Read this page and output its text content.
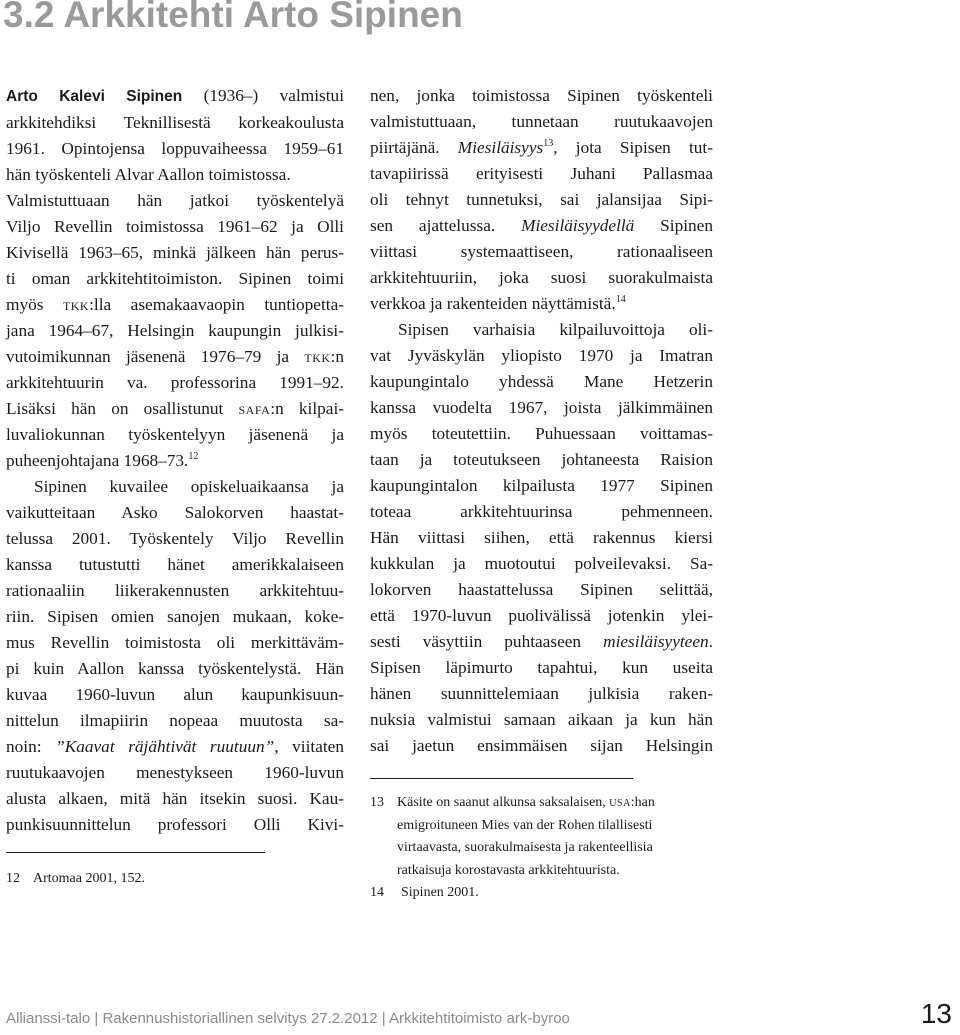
3.2 Arkkitehti Arto Sipinen

Arto Kalevi Sipinen (1936–) valmistui
arkkitehdiksi Teknillisestä korkeakoulusta
1961. Opintojensa loppuvaiheessa 1959–61
hän työskenteli Alvar Aallon toimistossa.
Valmistuttuaan hän jatkoi työskentelyä
Viljo Revellin toimistossa 1961–62 ja Olli
Kivisellä 1963–65, minkä jälkeen hän perus-
ti oman arkkitehtitoimiston. Sipinen toimi
myös tkk:lla asemakaavaopin tuntiopetta-
jana 1964–67, Helsingin kaupungin julkisi-
vutoimikunnan jäsenenä 1976–79 ja tkk:n
arkkitehtuurin va. professorina 1991–92.
Lisäksi hän on osallistunut safa:n kilpai-
luvaliokunnan työskentelyyn jäsenenä ja
puheenjohtajana 1968–73.12

Sipinen kuvailee opiskeluaikaansa ja
vaikutteitaan Asko Salokorven haastat-
telussa 2001. Työskentely Viljo Revellin
kanssa tutustutti hänet amerikkalaiseen
rationaaliin liikerakennusten arkkitehtuu-
riin. Sipisen omien sanojen mukaan, koke-
mus Revellin toimistosta oli merkittäväm-
pi kuin Aallon kanssa työskentelystä. Hän
kuvaa 1960-luvun alun kaupunkisuun-
nittelun ilmapiirin nopeaa muutosta sa-
noin: ”Kaavat räjähtivät ruutuun”, viitaten
ruutukaavojen menestykseen 1960-luvun
alusta alkaen, mitä hän itsekin suosi. Kau-
punkisuunnittelun professori Olli Kivi-

12 Artomaa 2001, 152.

nen, jonka toimistossa Sipinen työskenteli
valmistuttuaan, tunnetaan ruutukaavojen
piirtäjänä. Miesiläisyys$^{13}$, jota Sipisen tut-
tavapiirissä erityisesti Juhani Pallasmaa
oli tehnyt tunnetuksi, sai jalansijaa Sipi-
sen ajattelussa. Miesiläisyydellä Sipinen
viittasi systemaattiseen, rationaaliseen
arkkitehtuuriin, joka suosi suorakulmaista
verkkoa ja rakenteiden näyttämistä.$^{14}$

Sipisen varhaisia kilpailuvoittoja oli-
vat Jyväskylän yliopisto 1970 ja Imatran
kaupungintalo yhdessä Mane Hetzerin
kanssa vuodelta 1967, joista jälkimmäinen
myös toteutettiin. Puhuessaan voittamas-
taan ja toteutukseen johtaneesta Raision
kaupungintalon kilpailusta 1977 Sipinen
toteaa arkkitehtuurinsa pehmenneen.
Hän viittasi siihen, että rakennus kiersi
kukkulan ja muotoutui polveilevaksi. Sa-
lokorven haastattelussa Sipinen selittää,
että 1970-luvun puolivälissä jotenkin ylei-
sesti väsyttiin puhtaaseen miesiläisyyteen.
Sipisen läpimurto tapahtui, kun useita
hänen suunnittelemiaan julkisia raken-
nuksia valmistui samaan aikaan ja kun hän
sai jaetun ensimmäisen sijan Helsingin

13 Käsite on saanut alkunsa saksalaisen, usa:han
emigroituneen Mies van der Rohen tilallisesti
virtaavasta, suorakulmaisesta ja rakenteellisia
ratkaisuja korostavasta arkkitehtuurista.
14 Sipinen 2001.
Allianssi-talo | Rakennushistoriallinen selvitys 27.2.2012 | Arkkitehtitoimisto ark-byroo	13
